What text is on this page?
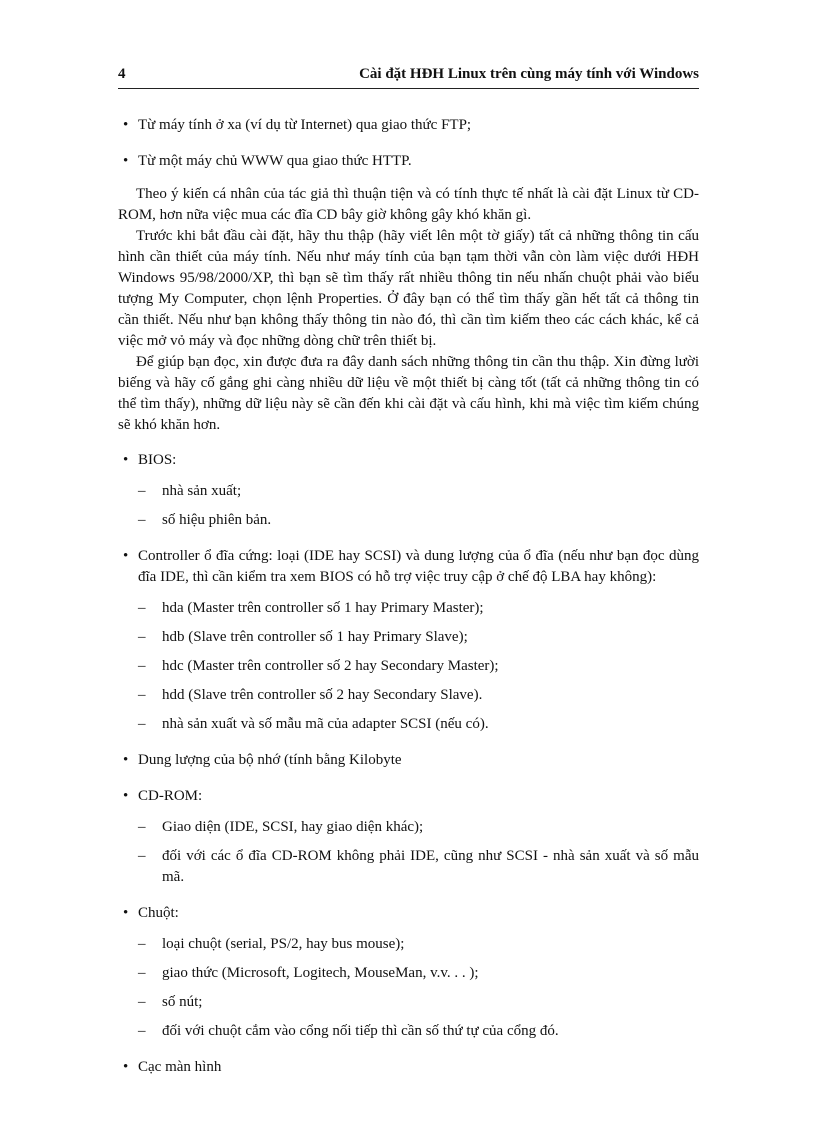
4	Cài đặt HĐH Linux trên cùng máy tính với Windows
• Từ máy tính ở xa (ví dụ từ Internet) qua giao thức FTP;
• Từ một máy chủ WWW qua giao thức HTTP.

Theo ý kiến cá nhân của tác giả thì thuận tiện và có tính thực tế nhất là cài đặt Linux từ CD-ROM, hơn nữa việc mua các đĩa CD bây giờ không gây khó khăn gì.

Trước khi bắt đầu cài đặt, hãy thu thập (hãy viết lên một tờ giấy) tất cả những thông tin cấu hình cần thiết của máy tính. Nếu như máy tính của bạn tạm thời vẫn còn làm việc dưới HĐH Windows 95/98/2000/XP, thì bạn sẽ tìm thấy rất nhiều thông tin nếu nhấn chuột phải vào biểu tượng My Computer, chọn lệnh Properties. Ở đây bạn có thể tìm thấy gần hết tất cả thông tin cần thiết. Nếu như bạn không thấy thông tin nào đó, thì cần tìm kiếm theo các cách khác, kể cả việc mở vỏ máy và đọc những dòng chữ trên thiết bị.

Để giúp bạn đọc, xin được đưa ra đây danh sách những thông tin cần thu thập. Xin đừng lười biếng và hãy cố gắng ghi càng nhiều dữ liệu về một thiết bị càng tốt (tất cả những thông tin có thể tìm thấy), những dữ liệu này sẽ cần đến khi cài đặt và cấu hình, khi mà việc tìm kiếm chúng sẽ khó khăn hơn.

• BIOS:
– nhà sản xuất;
– số hiệu phiên bản.
• Controller ổ đĩa cứng: loại (IDE hay SCSI) và dung lượng của ổ đĩa (nếu như bạn đọc dùng đĩa IDE, thì cần kiểm tra xem BIOS có hỗ trợ việc truy cập ở chế độ LBA hay không):
– hda (Master trên controller số 1 hay Primary Master);
– hdb (Slave trên controller số 1 hay Primary Slave);
– hdc (Master trên controller số 2 hay Secondary Master);
– hdd (Slave trên controller số 2 hay Secondary Slave).
– nhà sản xuất và số mẫu mã của adapter SCSI (nếu có).
• Dung lượng của bộ nhớ (tính bằng Kilobyte
• CD-ROM:
– Giao diện (IDE, SCSI, hay giao diện khác);
– đối với các ổ đĩa CD-ROM không phải IDE, cũng như SCSI - nhà sản xuất và số mẫu mã.
• Chuột:
– loại chuột (serial, PS/2, hay bus mouse);
– giao thức (Microsoft, Logitech, MouseMan, v.v. . . );
– số nút;
– đối với chuột cắm vào cổng nối tiếp thì cần số thứ tự của cổng đó.
• Cạc màn hình
